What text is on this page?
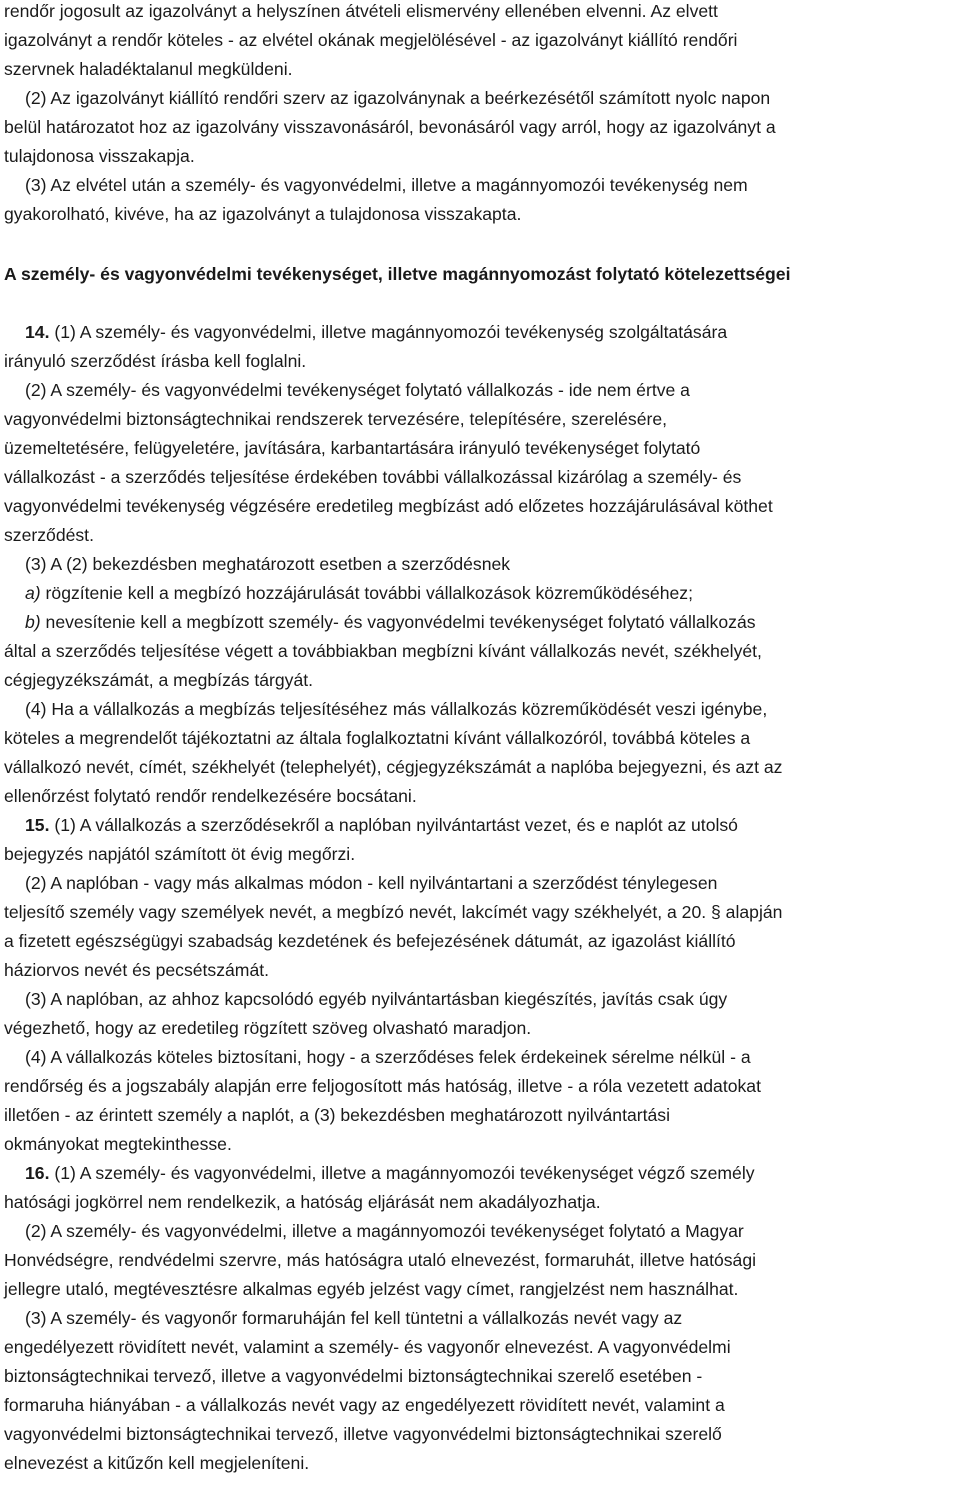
rendőr jogosult az igazolványt a helyszínen átvételi elismervény ellenében elvenni. Az elvett
igazolványt a rendőr köteles - az elvétel okának megjelölésével - az igazolványt kiállító rendőri
szervnek haladéktalanul megküldeni.
(2) Az igazolványt kiállító rendőri szerv az igazolványnak a beérkezésétől számított nyolc napon
belül határozatot hoz az igazolvány visszavonásáról, bevonásáról vagy arról, hogy az igazolványt a
tulajdonosa visszakapja.
(3) Az elvétel után a személy- és vagyonvédelmi, illetve a magánnyomozói tevékenység nem
gyakorolható, kivéve, ha az igazolványt a tulajdonosa visszakapta.
A személy- és vagyonvédelmi tevékenységet, illetve magánnyomozást folytató kötelezettségei
14. (1) A személy- és vagyonvédelmi, illetve magánnyomozói tevékenység szolgáltatására
irányuló szerződést írásba kell foglalni.
(2) A személy- és vagyonvédelmi tevékenységet folytató vállalkozás - ide nem értve a
vagyonvédelmi biztonságtechnikai rendszerek tervezésére, telepítésére, szerelésére,
üzemeltetésére, felügyeletére, javítására, karbantartására irányuló tevékenységet folytató
vállalkozást - a szerződés teljesítése érdekében további vállalkozással kizárólag a személy- és
vagyonvédelmi tevékenység végzésére eredetileg megbízást adó előzetes hozzájárulásával köthet
szerződést.
(3) A (2) bekezdésben meghatározott esetben a szerződésnek
a) rögzítenie kell a megbízó hozzájárulását további vállalkozások közreműködéséhez;
b) nevesítenie kell a megbízott személy- és vagyonvédelmi tevékenységet folytató vállalkozás
által a szerződés teljesítése végett a továbbiakban megbízni kívánt vállalkozás nevét, székhelyét,
cégjegyzékszámát, a megbízás tárgyát.
(4) Ha a vállalkozás a megbízás teljesítéséhez más vállalkozás közreműködését veszi igénybe,
köteles a megrendelőt tájékoztatni az általa foglalkoztatni kívánt vállalkozóról, továbbá köteles a
vállalkozó nevét, címét, székhelyét (telephelyét), cégjegyzékszámát a naplóba bejegyezni, és azt az
ellenőrzést folytató rendőr rendelkezésére bocsátani.
15. (1) A vállalkozás a szerződésekről a naplóban nyilvántartást vezet, és e naplót az utolsó
bejegyzés napjától számított öt évig megőrzi.
(2) A naplóban - vagy más alkalmas módon - kell nyilvántartani a szerződést ténylegesen
teljesítő személy vagy személyek nevét, a megbízó nevét, lakcímét vagy székhelyét, a 20. § alapján
a fizetett egészségügyi szabadság kezdetének és befejezésének dátumát, az igazolást kiállító
háziorvos nevét és pecsétszámát.
(3) A naplóban, az ahhoz kapcsolódó egyéb nyilvántartásban kiegészítés, javítás csak úgy
végezhető, hogy az eredetileg rögzített szöveg olvasható maradjon.
(4) A vállalkozás köteles biztosítani, hogy - a szerződéses felek érdekeinek sérelme nélkül - a
rendőrség és a jogszabály alapján erre feljogosított más hatóság, illetve - a róla vezetett adatokat
illetően - az érintett személy a naplót, a (3) bekezdésben meghatározott nyilvántartási
okmányokat megtekinthesse.
16. (1) A személy- és vagyonvédelmi, illetve a magánnyomozói tevékenységet végző személy
hatósági jogkörrel nem rendelkezik, a hatóság eljárását nem akadályozhatja.
(2) A személy- és vagyonvédelmi, illetve a magánnyomozói tevékenységet folytató a Magyar
Honvédségre, rendvédelmi szervre, más hatóságra utaló elnevezést, formaruhát, illetve hatósági
jellegre utaló, megtévesztésre alkalmas egyéb jelzést vagy címet, rangjelzést nem használhat.
(3) A személy- és vagyonőr formaruháján fel kell tüntetni a vállalkozás nevét vagy az
engedélyezett rövidített nevét, valamint a személy- és vagyonőr elnevezést. A vagyonvédelmi
biztonságtechnikai tervező, illetve a vagyonvédelmi biztonságtechnikai szerelő esetében -
formaruha hiányában - a vállalkozás nevét vagy az engedélyezett rövidített nevét, valamint a
vagyonvédelmi biztonságtechnikai tervező, illetve vagyonvédelmi biztonságtechnikai szerelő
elnevezést a kitűzőn kell megjeleníteni.
